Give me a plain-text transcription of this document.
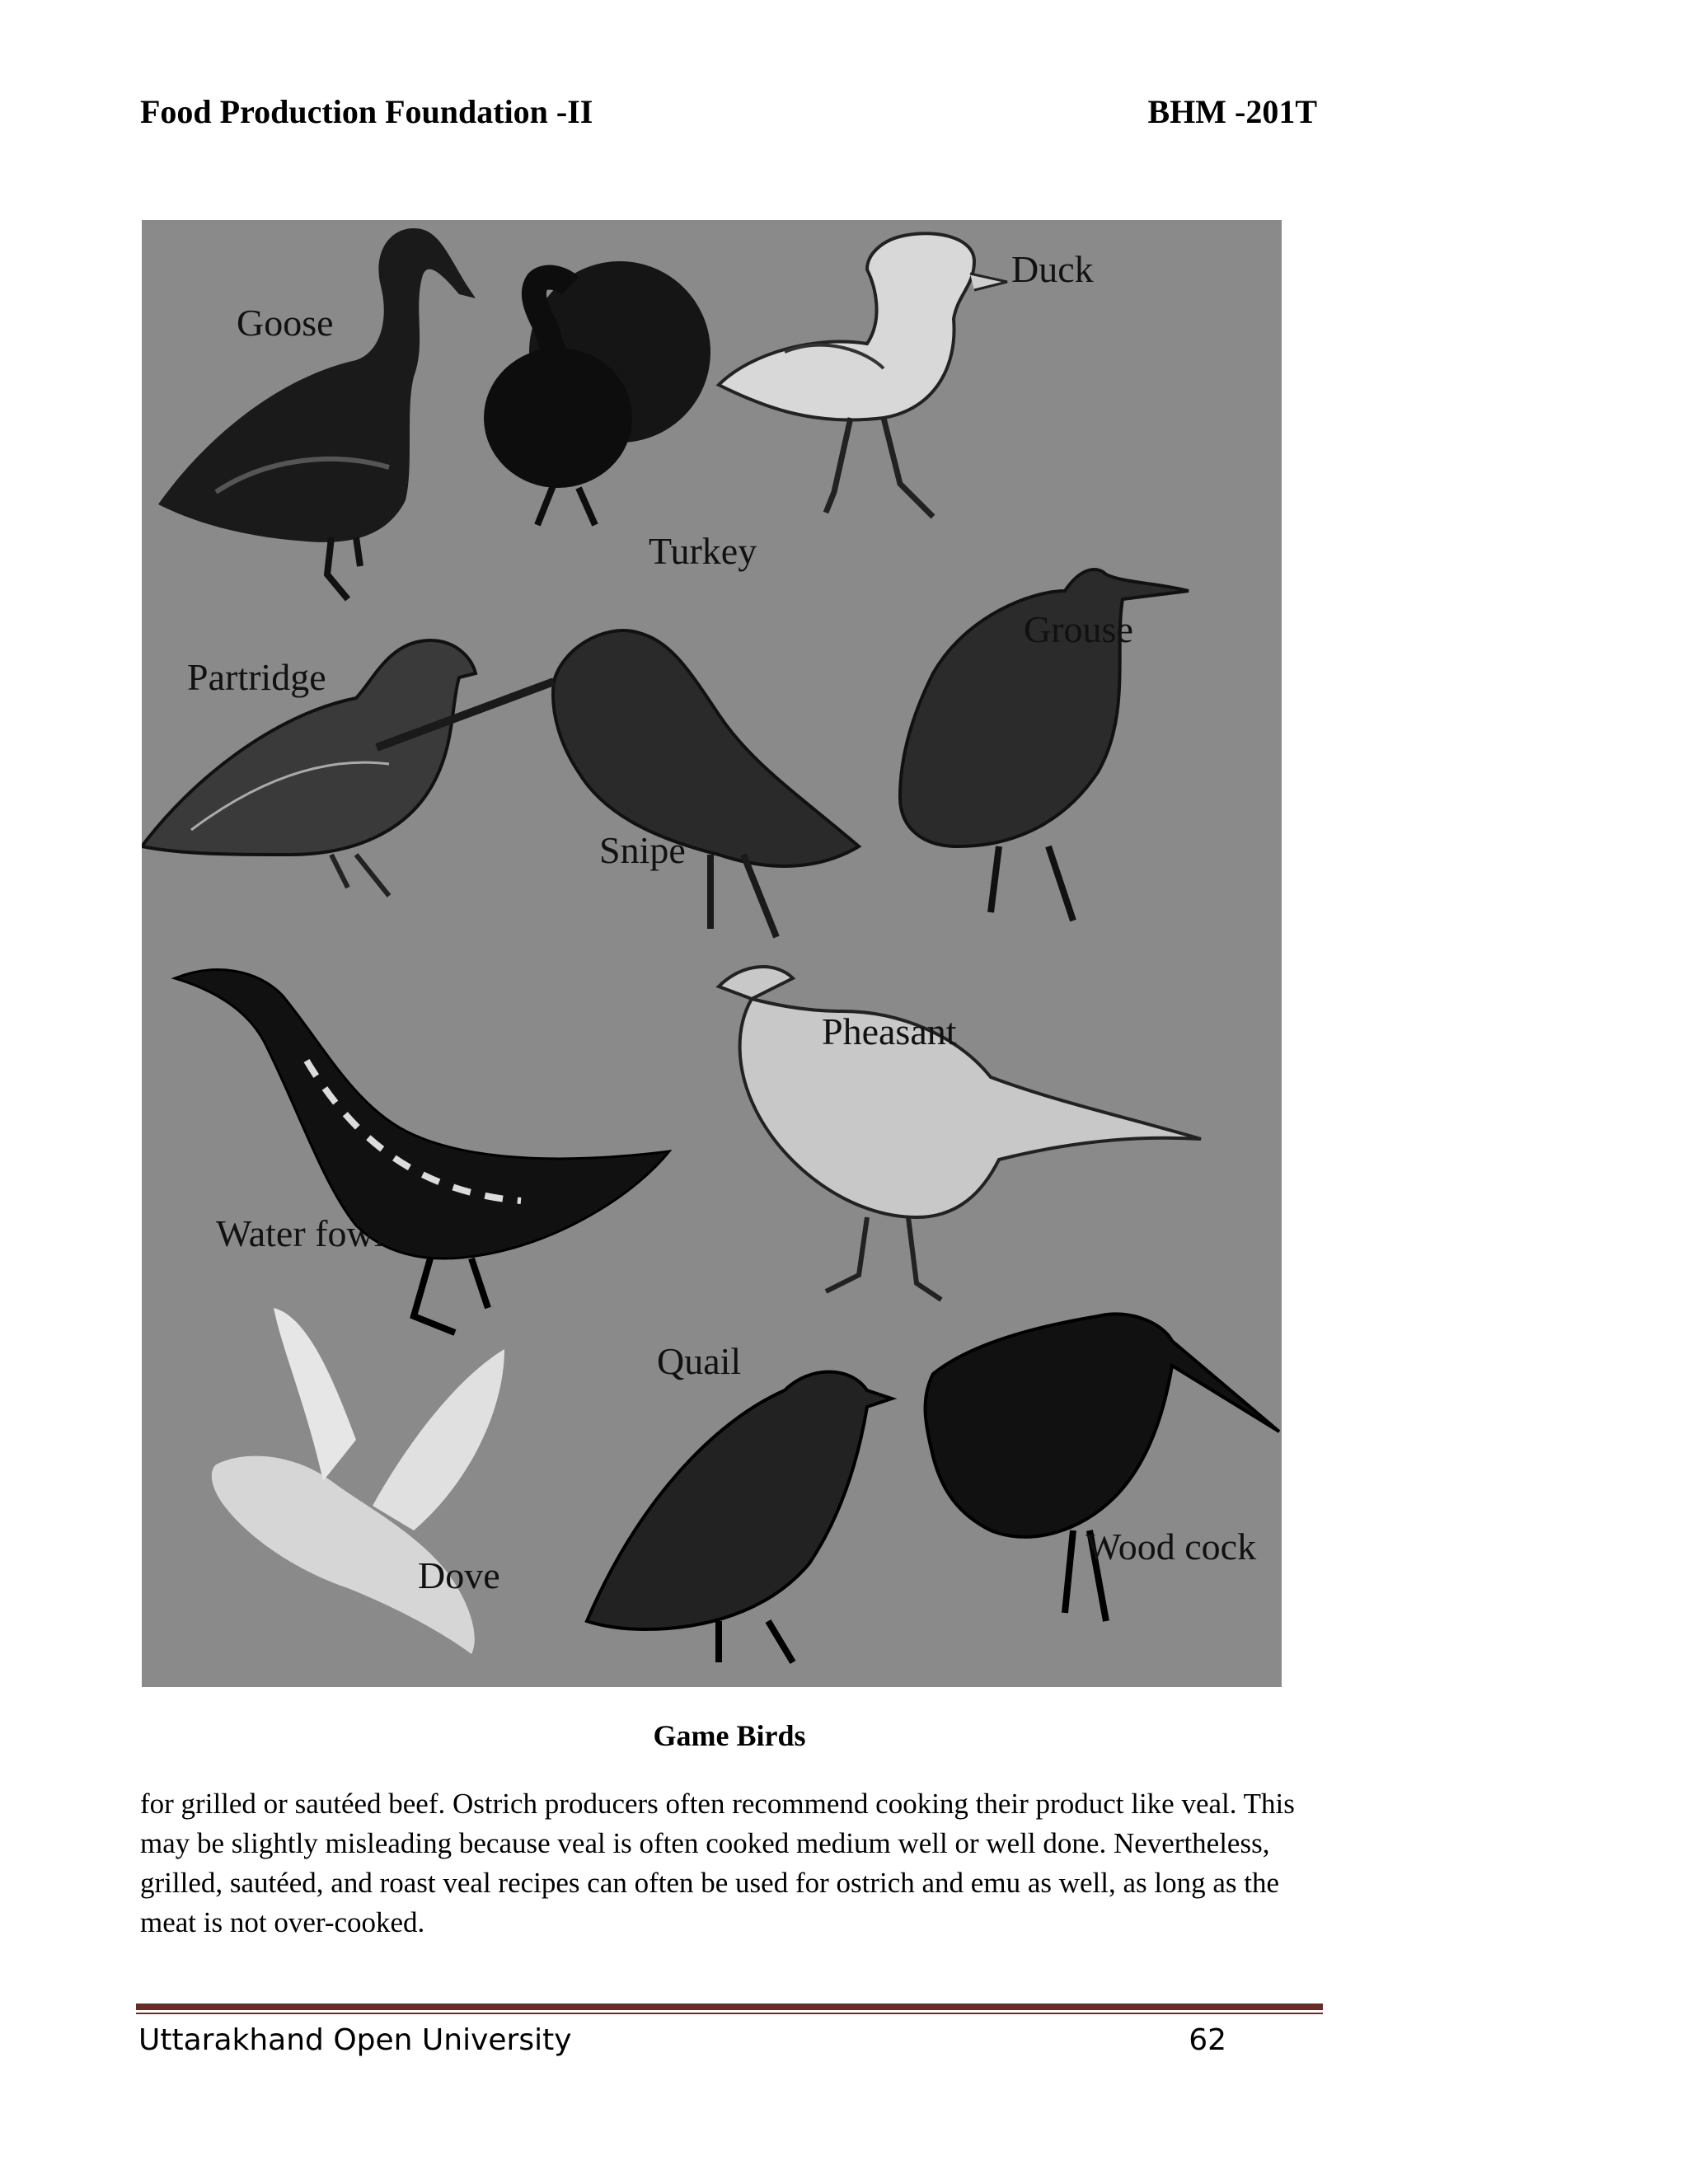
Food Production Foundation -II	BHM -201T
Goose
Turkey
Duck
Partridge
Snipe
Grouse
Water fowl
Pheasant
Dove
Quail
Wood cock
Game Birds
for grilled or sautéed beef. Ostrich producers often recommend cooking their product like veal. This may be slightly misleading because veal is often cooked medium well or well done. Nevertheless, grilled, sautéed, and roast veal recipes can often be used for ostrich and emu as well, as long as the meat is not over-cooked.
Uttarakhand Open University	62
